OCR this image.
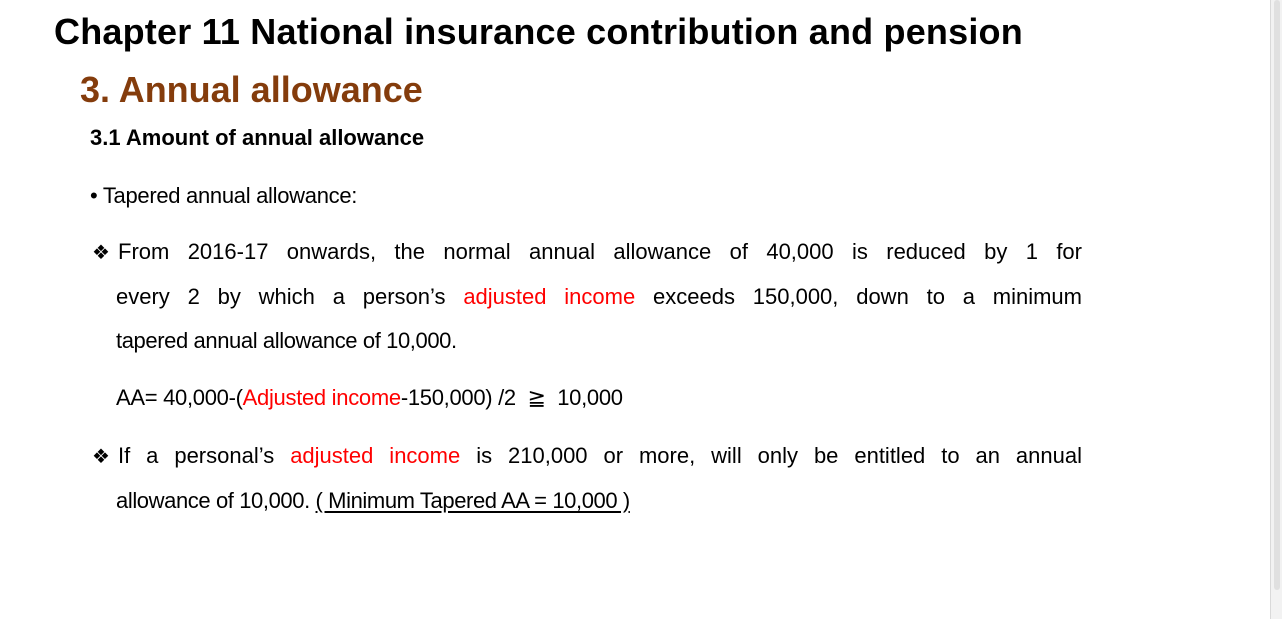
Chapter 11 National insurance contribution and pension
3. Annual allowance
3.1 Amount of annual allowance
• Tapered annual allowance:
❖ From 2016-17 onwards, the normal annual allowance of 40,000 is reduced by 1 for
every 2 by which a person’s adjusted income exceeds 150,000, down to a minimum
tapered annual allowance of 10,000.
AA= 40,000-(Adjusted income-150,000) /2  ≧  10,000
❖ If a personal’s adjusted income is 210,000 or more, will only be entitled to an annual
allowance of 10,000. ( Minimum Tapered AA = 10,000 )
